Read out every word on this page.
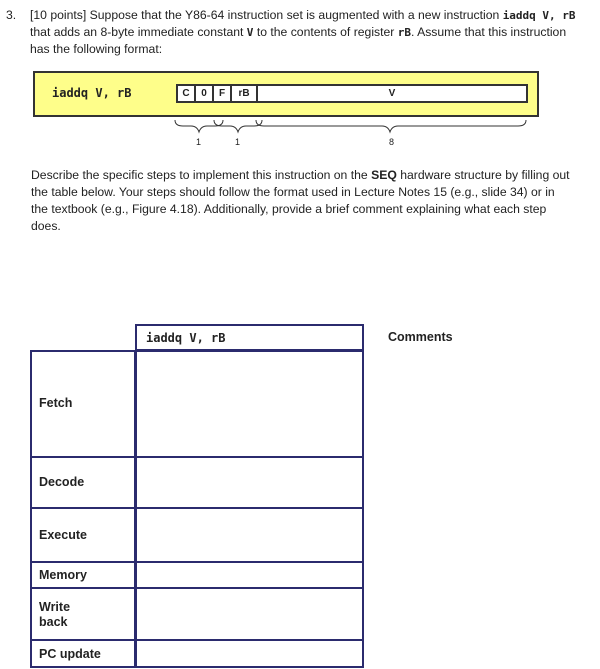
3. [10 points] Suppose that the Y86-64 instruction set is augmented with a new instruction iaddq V, rB that adds an 8-byte immediate constant V to the contents of register rB. Assume that this instruction has the following format:
iaddq V, rB	C	0	F	rB	V
1	1	8
Describe the specific steps to implement this instruction on the SEQ hardware structure by filling out the table below. Your steps should follow the format used in Lecture Notes 15 (e.g., slide 34) or in the textbook (e.g., Figure 4.18). Additionally, provide a brief comment explaining what each step does.
iaddq V, rB	Comments
Fetch
Decode
Execute
Memory
Write back
PC update
